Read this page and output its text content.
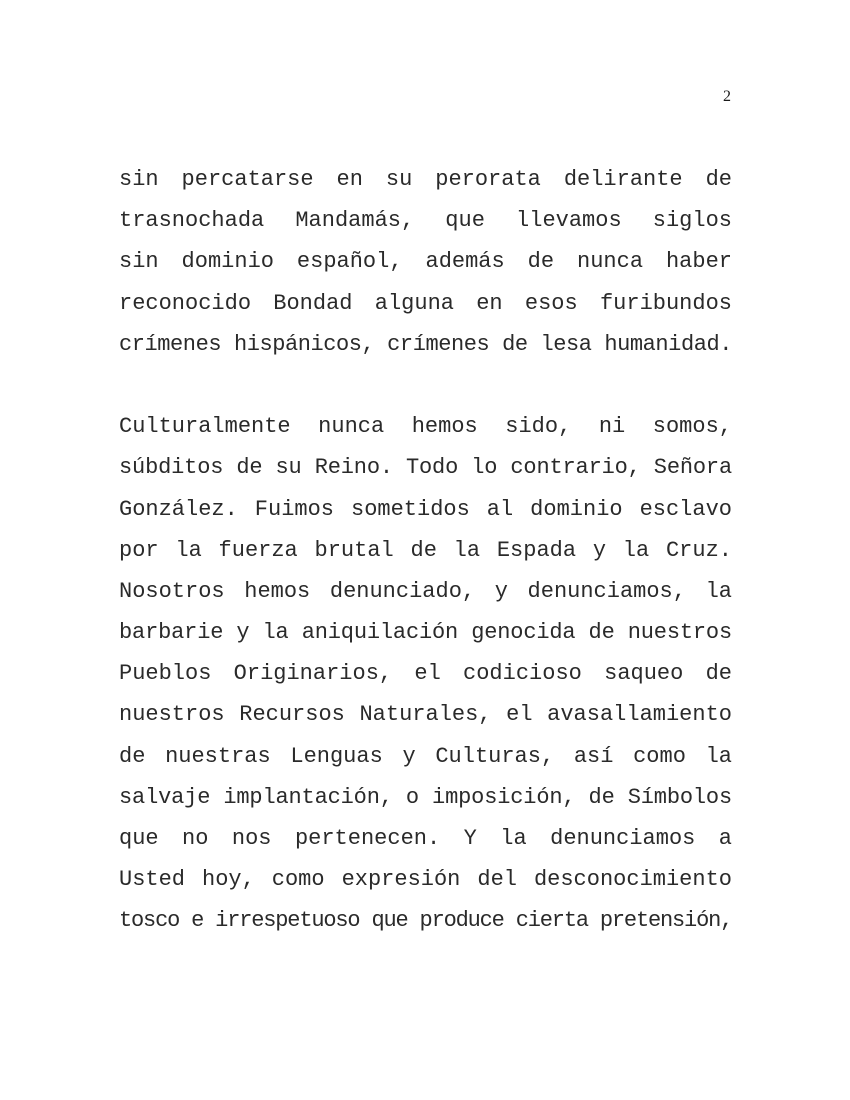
2

sin percatarse en su perorata delirante de
trasnochada Mandamás, que llevamos siglos
sin dominio español, además de nunca haber
reconocido Bondad alguna en esos furibundos
crímenes hispánicos, crímenes de lesa humanidad.

Culturalmente nunca hemos sido, ni somos,
súbditos de su Reino. Todo lo contrario, Señora
González. Fuimos sometidos al dominio esclavo
por la fuerza brutal de la Espada y la Cruz.
Nosotros hemos denunciado, y denunciamos, la
barbarie y la aniquilación genocida de nuestros
Pueblos Originarios, el codicioso saqueo de
nuestros Recursos Naturales, el avasallamiento
de nuestras Lenguas y Culturas, así como la
salvaje implantación, o imposición, de Símbolos
que no nos pertenecen. Y la denunciamos a
Usted hoy, como expresión del desconocimiento
tosco e irrespetuoso que produce cierta pretensión,
